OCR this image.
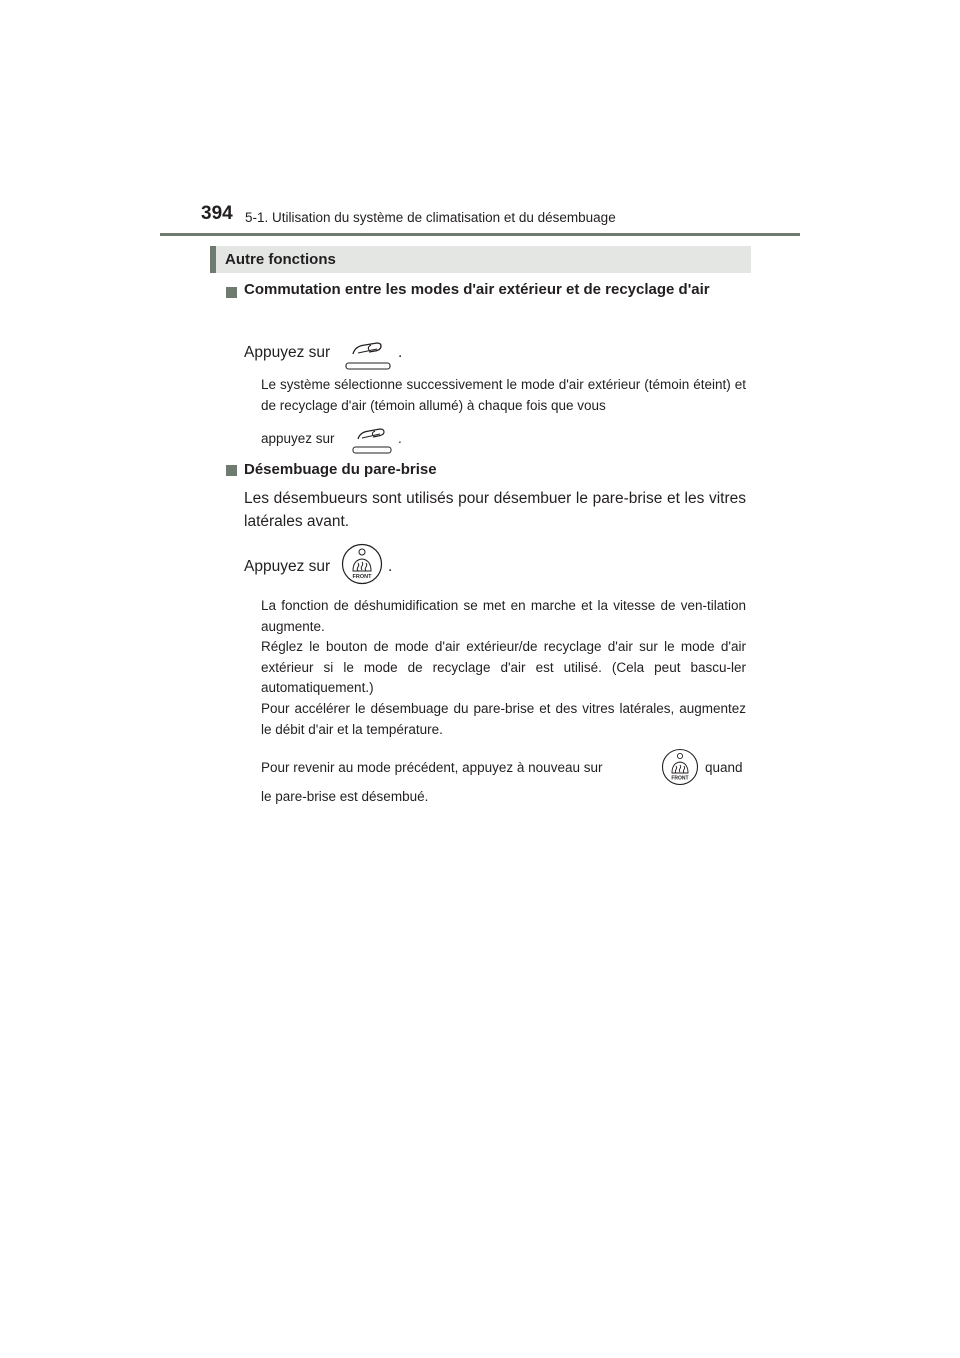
394 5-1. Utilisation du système de climatisation et du désembuage
Autre fonctions
Commutation entre les modes d'air extérieur et de recyclage d'air
Appuyez sur	.
Le système sélectionne successivement le mode d'air extérieur (témoin éteint) et de recyclage d'air (témoin allumé) à chaque fois que vous
appuyez sur	.
Désembuage du pare-brise
Les désembueurs sont utilisés pour désembuer le pare-brise et les vitres latérales avant.
Appuyez sur
FRONT
.
La fonction de déshumidification se met en marche et la vitesse de ven-tilation augmente.
Réglez le bouton de mode d'air extérieur/de recyclage d'air sur le mode d'air extérieur si le mode de recyclage d'air est utilisé. (Cela peut bascu-ler automatiquement.)
Pour accélérer le désembuage du pare-brise et des vitres latérales, augmentez le débit d'air et la température.
Pour revenir au mode précédent, appuyez à nouveau sur
FRONT
quand
le pare-brise est désembué.
